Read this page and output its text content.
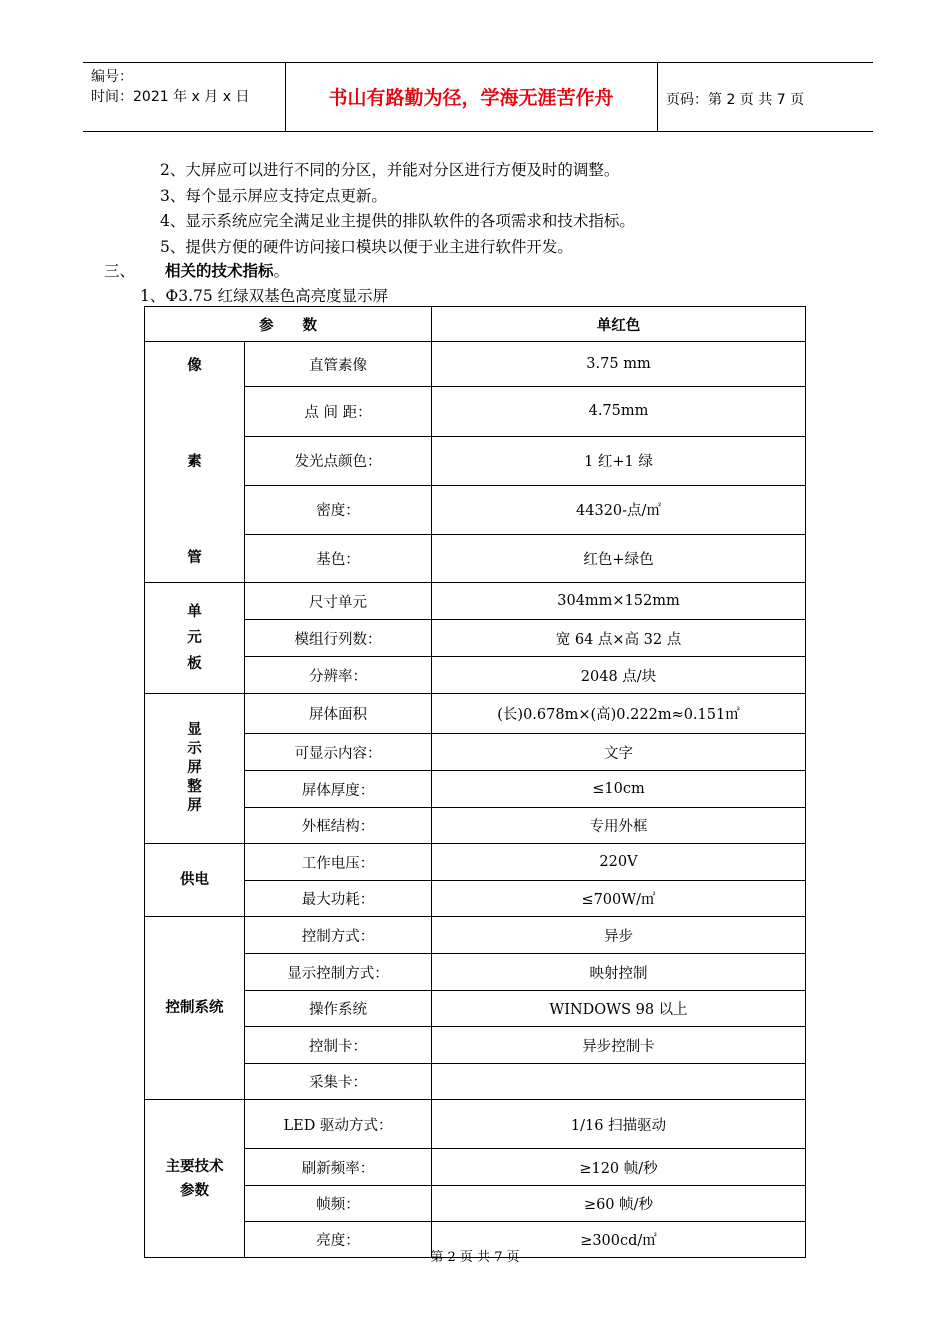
编号：
时间：2021 年 x 月 x 日	书山有路勤为径，学海无涯苦作舟	页码：第 2 页 共 7 页
2、大屏应可以进行不同的分区，并能对分区进行方便及时的调整。
3、每个显示屏应支持定点更新。
4、显示系统应完全满足业主提供的排队软件的各项需求和技术指标。
5、提供方便的硬件访问接口模块以便于业主进行软件开发。
三、 相关的技术指标。
1、Ф3.75 红绿双基色高亮度显示屏
参　　数		单红色
像

素

管	直管素像	3.75 mm
	点 间 距：	4.75mm
	发光点颜色：	1 红+1 绿
	密度：	44320-点/㎡
	基色：	红色+绿色
单
元
板	尺寸单元	304mm×152mm
	模组行列数：	宽 64 点×高 32 点
	分辨率：	2048 点/块
显示屏整屏	屏体面积	(长)0.678m×(高)0.222m≈0.151㎡
	可显示内容：	文字
	屏体厚度：	≤10cm
	外框结构：	专用外框
供电	工作电压：	220V
	最大功耗：	≤700W/㎡
控制系统	控制方式：	异步
	显示控制方式：	映射控制
	操作系统	WINDOWS 98 以上
	控制卡：	异步控制卡
	采集卡：	
主要技术
参数	LED 驱动方式：	1/16 扫描驱动
	刷新频率：	≥120 帧/秒
	帧频：	≥60 帧/秒
	亮度：	≥300cd/㎡
第 2 页 共 7 页
